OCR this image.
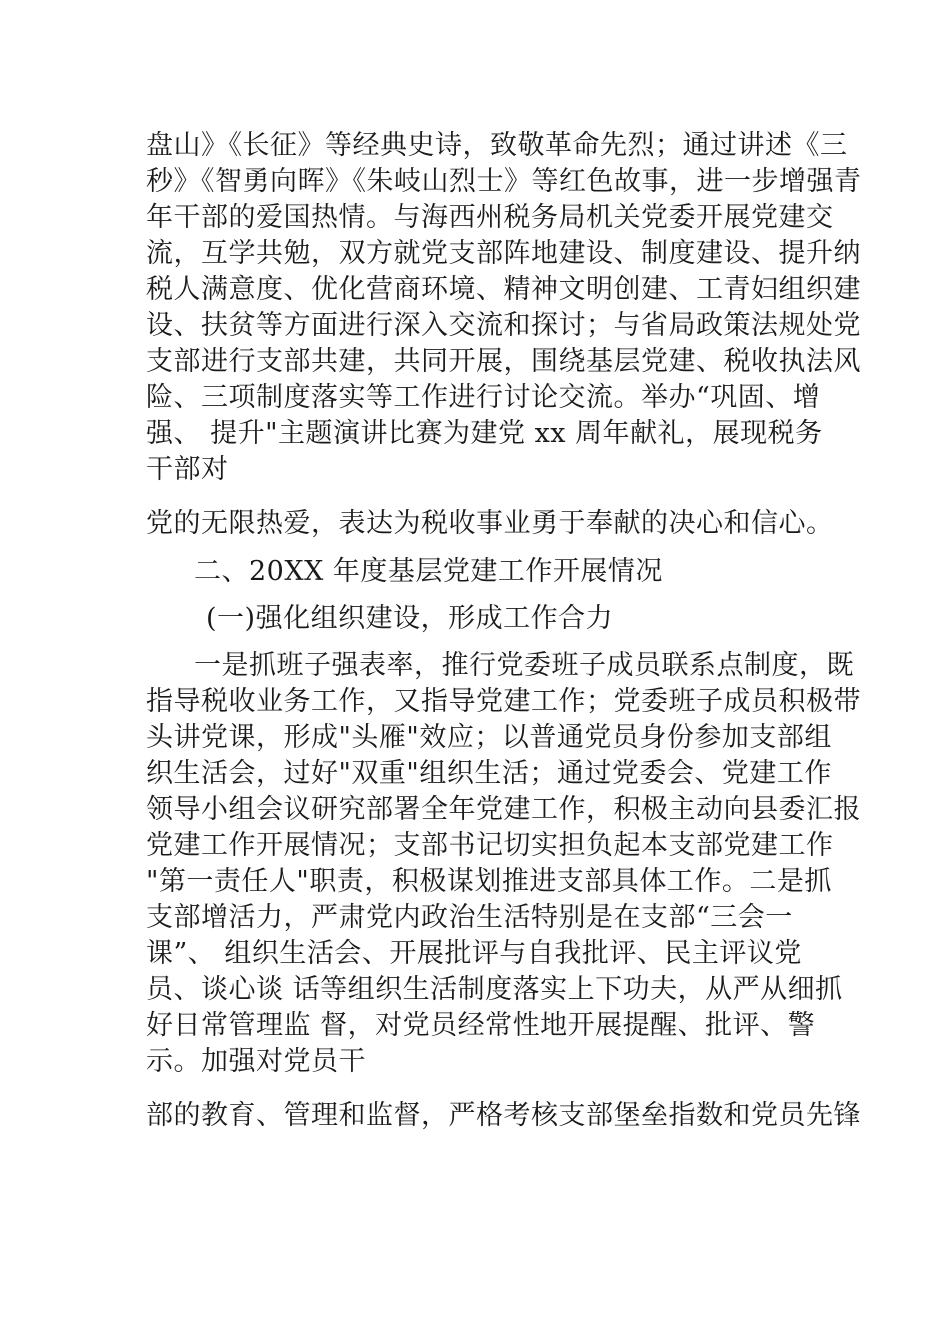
盘山》《长征》等经典史诗，致敬革命先烈；通过讲述《三
秒》《智勇向晖》《朱岐山烈士》等红色故事，进一步增强青
年干部的爱国热情。与海西州税务局机关党委开展党建交
流，互学共勉，双方就党支部阵地建设、制度建设、提升纳
税人满意度、优化营商环境、精神文明创建、工青妇组织建
设、扶贫等方面进行深入交流和探讨；与省局政策法规处党
支部进行支部共建，共同开展，围绕基层党建、税收执法风
险、三项制度落实等工作进行讨论交流。举办“巩固、增
强、 提升"主题演讲比赛为建党 xx 周年献礼，展现税务
干部对
党的无限热爱，表达为税收事业勇于奉献的决心和信心。
二、20XX 年度基层党建工作开展情况
(一)强化组织建设，形成工作合力
一是抓班子强表率，推行党委班子成员联系点制度，既
指导税收业务工作，又指导党建工作；党委班子成员积极带
头讲党课，形成"头雁"效应；以普通党员身份参加支部组
织生活会，过好"双重"组织生活；通过党委会、党建工作
领导小组会议研究部署全年党建工作，积极主动向县委汇报
党建工作开展情况；支部书记切实担负起本支部党建工作
"第一责任人"职责，积极谋划推进支部具体工作。二是抓
支部增活力，严肃党内政治生活特别是在支部“三会一
课”、 组织生活会、开展批评与自我批评、民主评议党
员、谈心谈 话等组织生活制度落实上下功夫，从严从细抓
好日常管理监 督，对党员经常性地开展提醒、批评、警
示。加强对党员干
部的教育、管理和监督，严格考核支部堡垒指数和党员先锋
